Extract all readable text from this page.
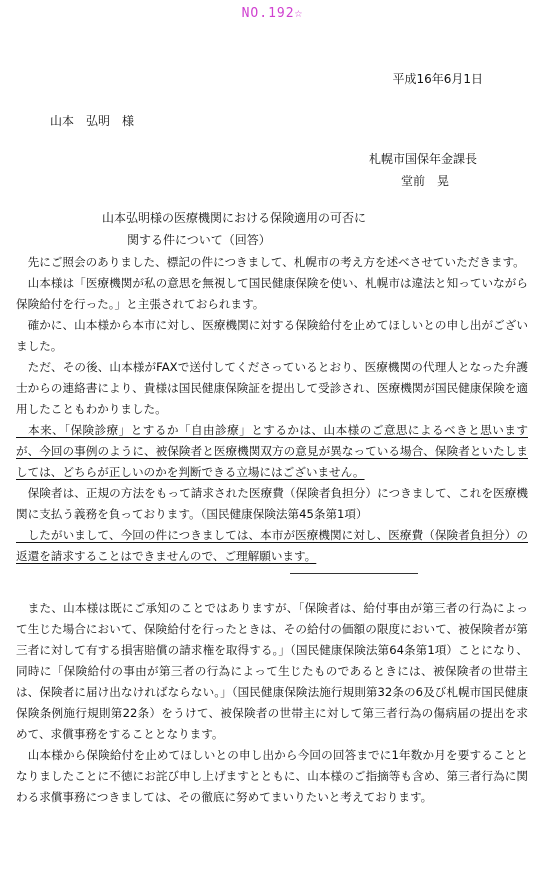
NO.192☆
平成16年6月1日
山本　弘明　様
札幌市国保年金課長
堂前　晃
山本弘明様の医療機関における保険適用の可否に
関する件について（回答）

　先にご照会のありました、標記の件につきまして、札幌市の考え方を述べさせていただきます。

　山本様は「医療機関が私の意思を無視して国民健康保険を使い、札幌市は違法と知っていながら保険給付を行った。」と主張されておられます。

　確かに、山本様から本市に対し、医療機関に対する保険給付を止めてほしいとの申し出がございました。

　ただ、その後、山本様がFAXで送付してくださっているとおり、医療機関の代理人となった弁護士からの連絡書により、貴様は国民健康保険証を提出して受診され、医療機関が国民健康保険を適用したこともわかりました。

　本来、「保険診療」とするか「自由診療」とするかは、山本様のご意思によるべきと思いますが、今回の事例のように、被保険者と医療機関双方の意見が異なっている場合、保険者といたしましては、どちらが正しいのかを判断できる立場にはございません。

　保険者は、正規の方法をもって請求された医療費（保険者負担分）につきまして、これを医療機関に支払う義務を負っております。（国民健康保険法第45条第1項）

　したがいまして、今回の件につきましては、本市が医療機関に対し、医療費（保険者負担分）の返還を請求することはできませんので、ご理解願います。

　また、山本様は既にご承知のことではありますが、「保険者は、給付事由が第三者の行為によって生じた場合において、保険給付を行ったときは、その給付の価額の限度において、被保険者が第三者に対して有する損害賠償の請求権を取得する。」（国民健康保険法第64条第1項）ことになり、同時に「保険給付の事由が第三者の行為によって生じたものであるときには、被保険者の世帯主は、保険者に届け出なければならない。」（国民健康保険法施行規則第32条の6及び札幌市国民健康保険条例施行規則第22条）をうけて、被保険者の世帯主に対して第三者行為の傷病届の提出を求めて、求償事務をすることとなります。

　山本様から保険給付を止めてほしいとの申し出から今回の回答までに1年数か月を要することとなりましたことに不徳にお詫び申し上げますとともに、山本様のご指摘等も含め、第三者行為に関わる求償事務につきましては、その徹底に努めてまいりたいと考えております。
